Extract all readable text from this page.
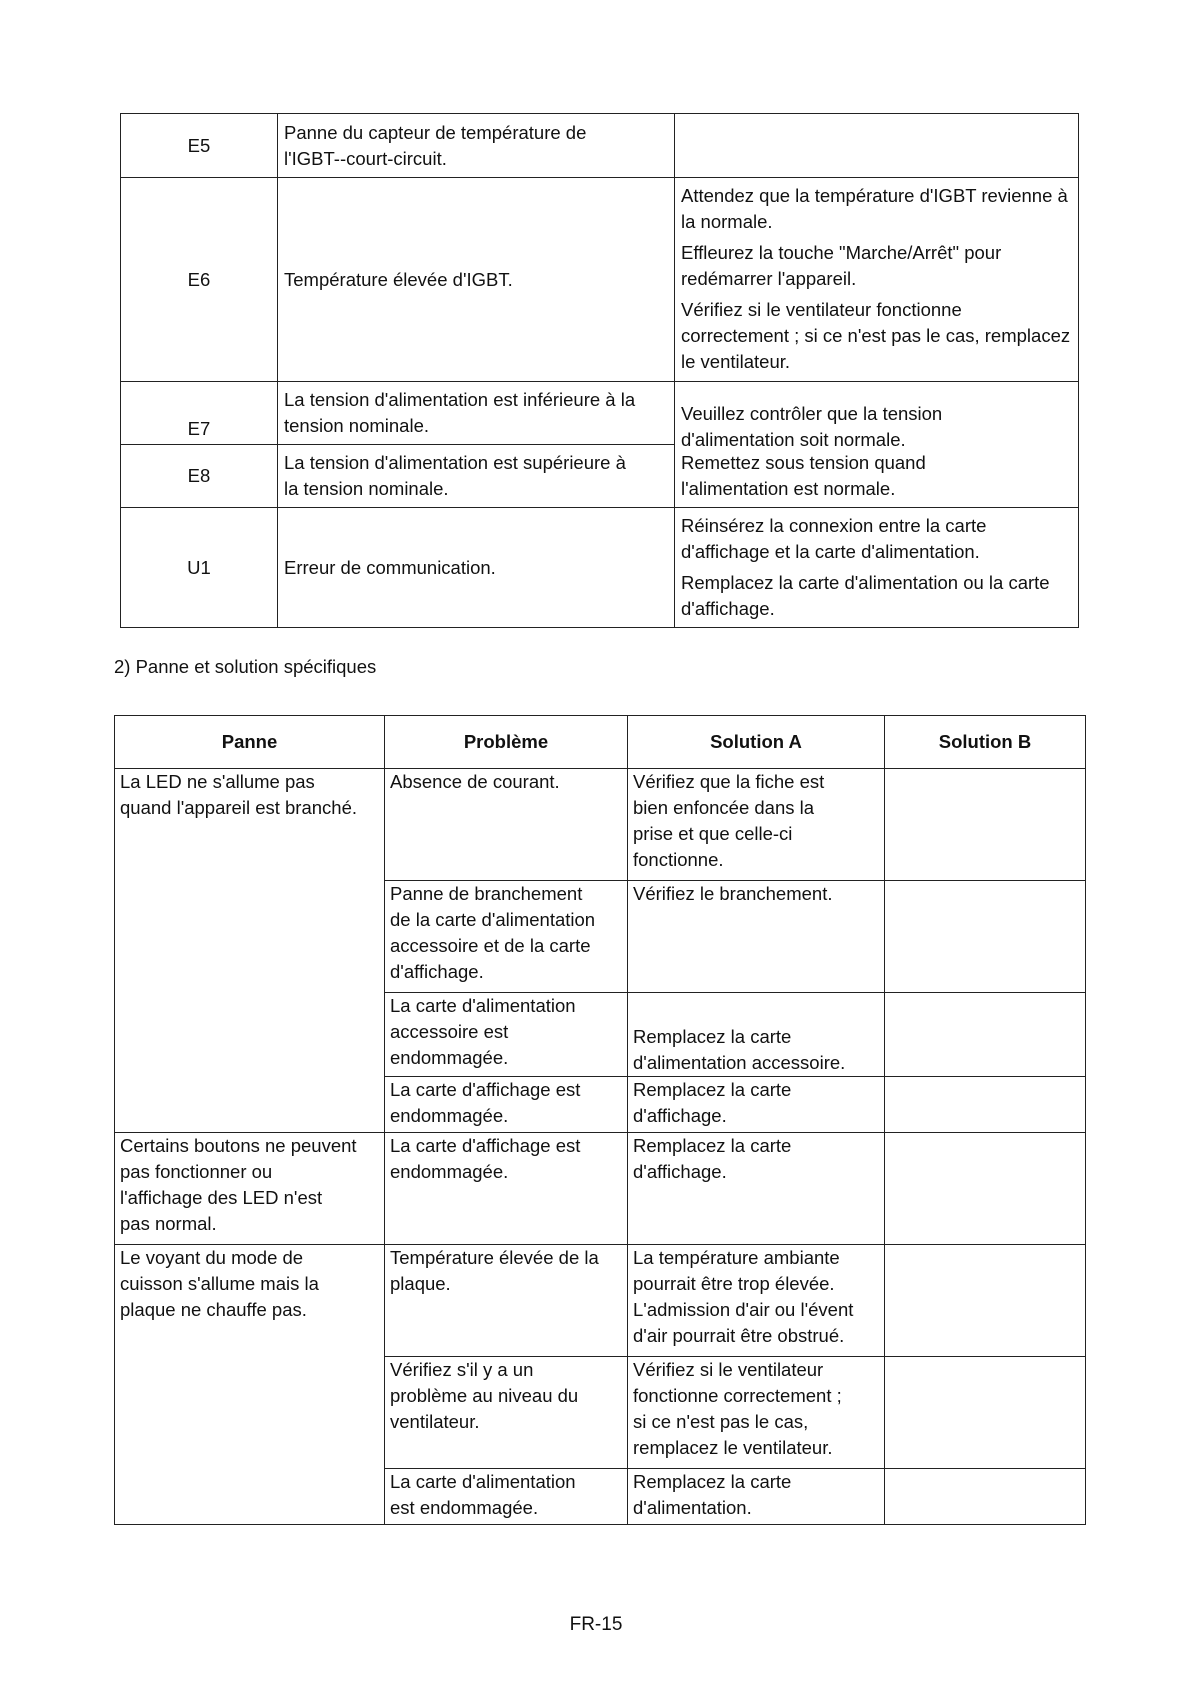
E5	Panne du capteur de température de
l'IGBT--court-circuit.	

E6	Température élevée d'IGBT.	Attendez que la température d'IGBT revienne à la normale.

Effleurez la touche "Marche/Arrêt" pour redémarrer l'appareil.

Vérifiez si le ventilateur fonctionne correctement ; si ce n'est pas le cas, remplacez le ventilateur.

E7	La tension d'alimentation est inférieure à la
tension nominale.	Veuillez contrôler que la tension
d'alimentation soit normale.

E8	La tension d'alimentation est supérieure à
la tension nominale.	Remettez sous tension quand
l'alimentation est normale.

U1	Erreur de communication.	Réinsérez la connexion entre la carte d'affichage et la carte d'alimentation.

Remplacez la carte d'alimentation ou la carte d'affichage.

2) Panne et solution spécifiques
Panne	Problème	Solution A	Solution B

La LED ne s'allume pas
quand l'appareil est branché.	Absence de courant.	Vérifiez que la fiche est
bien enfoncée dans la
prise et que celle-ci
fonctionne.	

	Panne de branchement
de la carte d'alimentation
accessoire et de la carte
d'affichage.	Vérifiez le branchement.	

	La carte d'alimentation
accessoire est
endommagée.	Remplacez la carte
d'alimentation accessoire.	

	La carte d'affichage est
endommagée.	Remplacez la carte
d'affichage.	

Certains boutons ne peuvent
pas fonctionner ou
l'affichage des LED n'est
pas normal.	La carte d'affichage est
endommagée.	Remplacez la carte
d'affichage.	

Le voyant du mode de
cuisson s'allume mais la
plaque ne chauffe pas.	Température élevée de la
plaque.	La température ambiante
pourrait être trop élevée.
L'admission d'air ou l'évent
d'air pourrait être obstrué.	

	Vérifiez s'il y a un
problème au niveau du
ventilateur.	Vérifiez si le ventilateur
fonctionne correctement ;
si ce n'est pas le cas,
remplacez le ventilateur.	

	La carte d'alimentation
est endommagée.	Remplacez la carte
d'alimentation.	

FR-15
